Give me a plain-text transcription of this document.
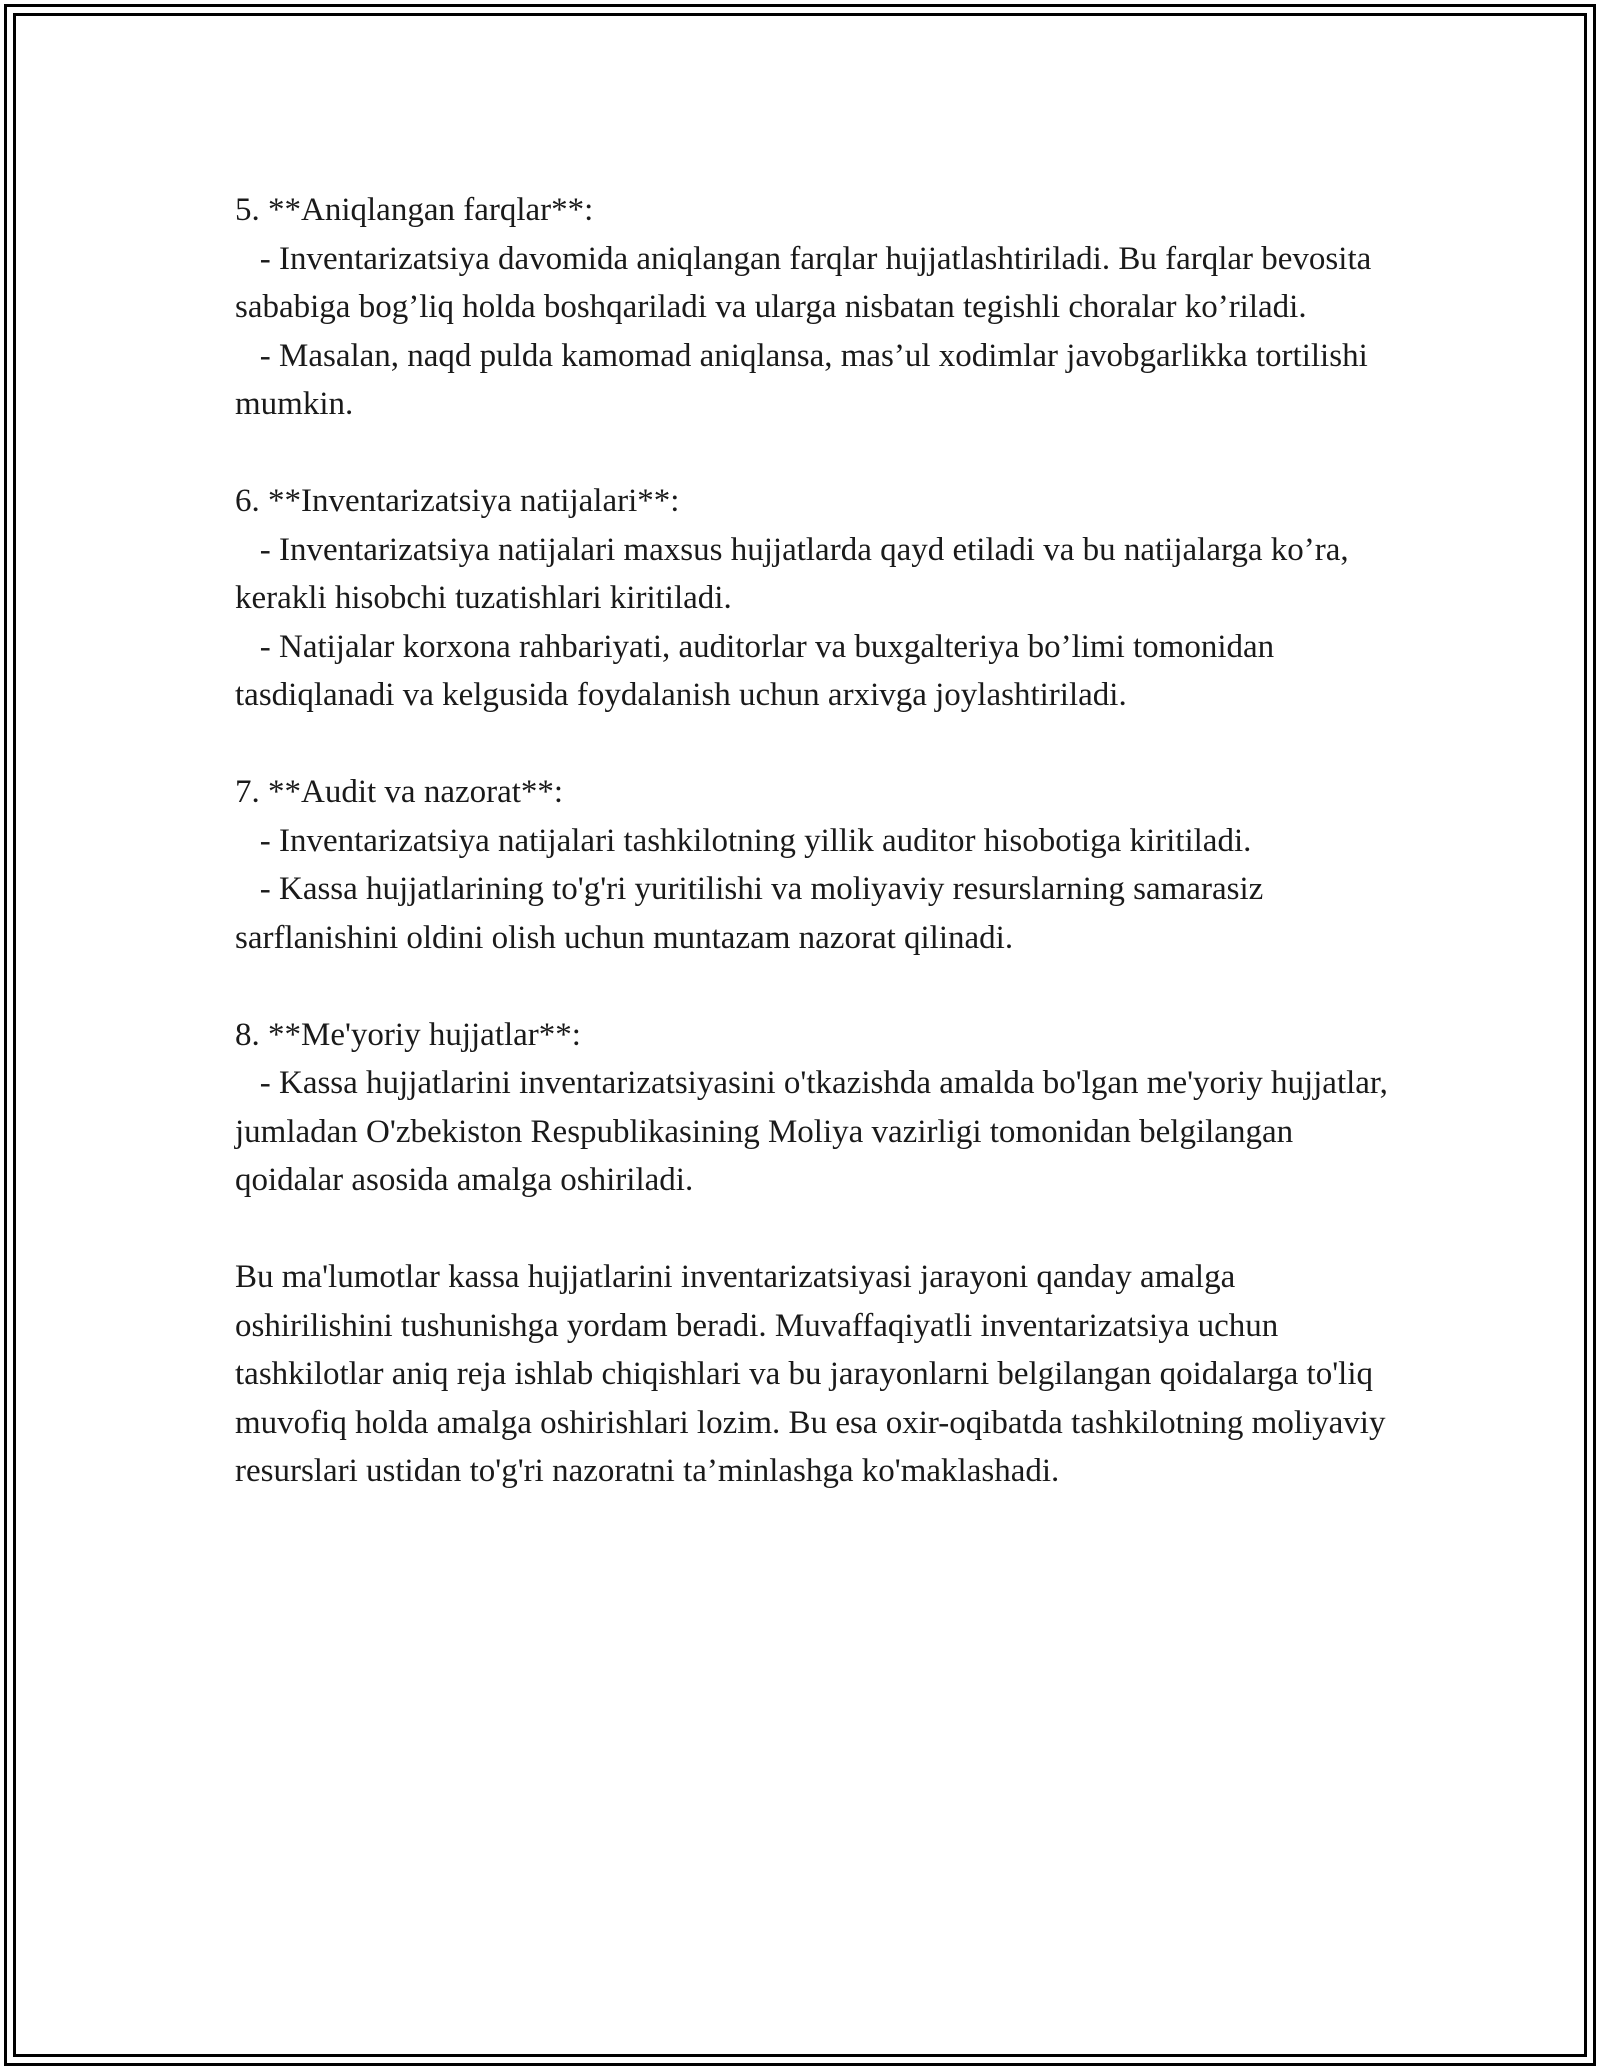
5. **Aniqlangan farqlar**:
- Inventarizatsiya davomida aniqlangan farqlar hujjatlashtiriladi. Bu farqlar bevosita sababiga bog’liq holda boshqariladi va ularga nisbatan tegishli choralar ko’riladi.
- Masalan, naqd pulda kamomad aniqlansa, mas’ul xodimlar javobgarlikka tortilishi mumkin.
6. **Inventarizatsiya natijalari**:
- Inventarizatsiya natijalari maxsus hujjatlarda qayd etiladi va bu natijalarga ko’ra, kerakli hisobchi tuzatishlari kiritiladi.
- Natijalar korxona rahbariyati, auditorlar va buxgalteriya bo’limi tomonidan tasdiqlanadi va kelgusida foydalanish uchun arxivga joylashtiriladi.
7. **Audit va nazorat**:
- Inventarizatsiya natijalari tashkilotning yillik auditor hisobotiga kiritiladi.
- Kassa hujjatlarining to'g'ri yuritilishi va moliyaviy resurslarning samarasiz sarflanishini oldini olish uchun muntazam nazorat qilinadi.
8. **Me'yoriy hujjatlar**:
- Kassa hujjatlarini inventarizatsiyasini o'tkazishda amalda bo'lgan me'yoriy hujjatlar, jumladan O'zbekiston Respublikasining Moliya vazirligi tomonidan belgilangan qoidalar asosida amalga oshiriladi.

Bu ma'lumotlar kassa hujjatlarini inventarizatsiyasi jarayoni qanday amalga oshirilishini tushunishga yordam beradi. Muvaffaqiyatli inventarizatsiya uchun tashkilotlar aniq reja ishlab chiqishlari va bu jarayonlarni belgilangan qoidalarga to'liq muvofiq holda amalga oshirishlari lozim. Bu esa oxir-oqibatda tashkilotning moliyaviy resurslari ustidan to'g'ri nazoratni ta’minlashga ko'maklashadi.
